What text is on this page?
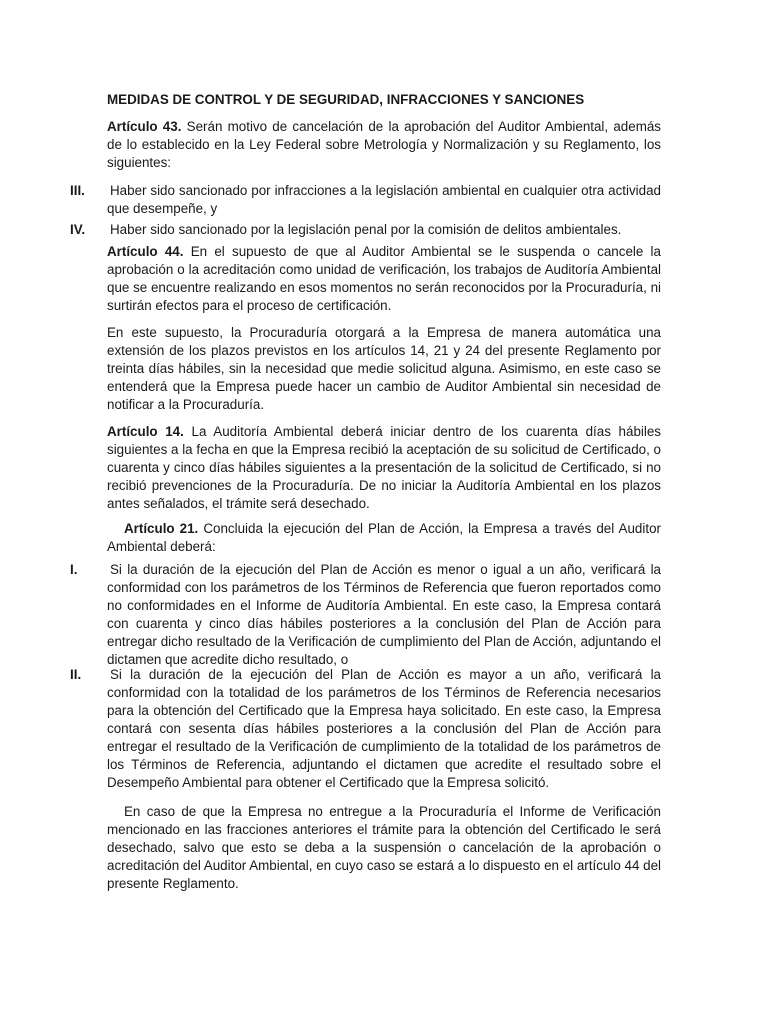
MEDIDAS DE CONTROL Y DE SEGURIDAD, INFRACCIONES Y SANCIONES
Artículo 43. Serán motivo de cancelación de la aprobación del Auditor Ambiental, además de lo establecido en la Ley Federal sobre Metrología y Normalización y su Reglamento, los siguientes:
III. Haber sido sancionado por infracciones a la legislación ambiental en cualquier otra actividad que desempeñe, y
IV. Haber sido sancionado por la legislación penal por la comisión de delitos ambientales.
Artículo 44. En el supuesto de que al Auditor Ambiental se le suspenda o cancele la aprobación o la acreditación como unidad de verificación, los trabajos de Auditoría Ambiental que se encuentre realizando en esos momentos no serán reconocidos por la Procuraduría, ni surtirán efectos para el proceso de certificación.
En este supuesto, la Procuraduría otorgará a la Empresa de manera automática una extensión de los plazos previstos en los artículos 14, 21 y 24 del presente Reglamento por treinta días hábiles, sin la necesidad que medie solicitud alguna. Asimismo, en este caso se entenderá que la Empresa puede hacer un cambio de Auditor Ambiental sin necesidad de notificar a la Procuraduría.
Artículo 14. La Auditoría Ambiental deberá iniciar dentro de los cuarenta días hábiles siguientes a la fecha en que la Empresa recibió la aceptación de su solicitud de Certificado, o cuarenta y cinco días hábiles siguientes a la presentación de la solicitud de Certificado, si no recibió prevenciones de la Procuraduría. De no iniciar la Auditoría Ambiental en los plazos antes señalados, el trámite será desechado.
Artículo 21. Concluida la ejecución del Plan de Acción, la Empresa a través del Auditor Ambiental deberá:
I. Si la duración de la ejecución del Plan de Acción es menor o igual a un año, verificará la conformidad con los parámetros de los Términos de Referencia que fueron reportados como no conformidades en el Informe de Auditoría Ambiental. En este caso, la Empresa contará con cuarenta y cinco días hábiles posteriores a la conclusión del Plan de Acción para entregar dicho resultado de la Verificación de cumplimiento del Plan de Acción, adjuntando el dictamen que acredite dicho resultado, o
II. Si la duración de la ejecución del Plan de Acción es mayor a un año, verificará la conformidad con la totalidad de los parámetros de los Términos de Referencia necesarios para la obtención del Certificado que la Empresa haya solicitado. En este caso, la Empresa contará con sesenta días hábiles posteriores a la conclusión del Plan de Acción para entregar el resultado de la Verificación de cumplimiento de la totalidad de los parámetros de los Términos de Referencia, adjuntando el dictamen que acredite el resultado sobre el Desempeño Ambiental para obtener el Certificado que la Empresa solicitó.
En caso de que la Empresa no entregue a la Procuraduría el Informe de Verificación mencionado en las fracciones anteriores el trámite para la obtención del Certificado le será desechado, salvo que esto se deba a la suspensión o cancelación de la aprobación o acreditación del Auditor Ambiental, en cuyo caso se estará a lo dispuesto en el artículo 44 del presente Reglamento.
